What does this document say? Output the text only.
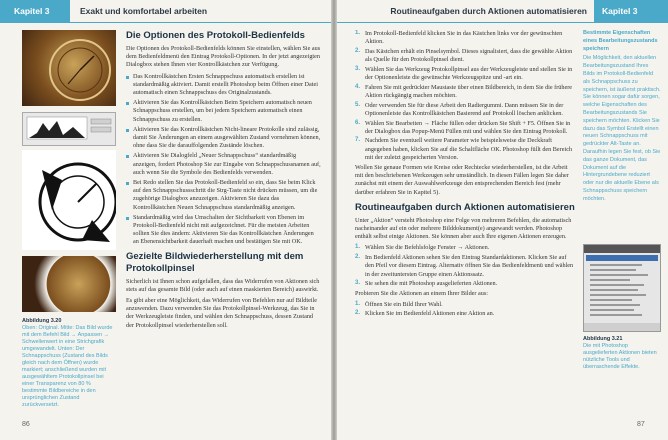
Kapitel 3	Exakt und komfortabel arbeiten
Abbildung 3.20
Oben: Original. Mitte: Das Bild wurde mit dem Befehl Bild → Anpassen → Schwellenwert in eine Strichgrafik umgewandelt. Unten: Der Schnappschuss (Zustand des Bilds gleich nach dem Öffnen) wurde markiert; anschließend wurden mit ausgewähltem Protokollpinsel bei einer Transparenz von 80 % bestimmte Bildbereiche in den ursprünglichen Zustand zurückversetzt.
Die Optionen des Protokoll-Bedienfelds

Die Optionen des Protokoll-Bedienfelds können Sie einstellen, wählen Sie aus dem Bedienfeldmenü den Eintrag Protokoll-Optionen. In der jetzt angezeigten Dialogbox stehen Ihnen vier Kontrollkästchen zur Verfügung.

Das Kontrollkästchen Ersten Schnappschuss automatisch erstellen ist standardmäßig aktiviert. Damit erstellt Photoshop beim Öffnen einer Datei automatisch einen Schnappschuss des Originalzustands.

Aktivieren Sie das Kontrollkästchen Beim Speichern automatisch neuen Schnappschuss erstellen, um bei jedem Speichern automatisch einen Schnappschuss zu erstellen.

Aktivieren Sie das Kontrollkästchen Nicht-lineare Protokolle sind zulässig, damit Sie Änderungen an einem ausgewählten Zustand vornehmen können, ohne dass Sie die darauffolgenden Zustände löschen.

Aktivieren Sie Dialogfeld „Neuer Schnappschuss“ standardmäßig anzeigen, fordert Photoshop Sie zur Eingabe von Schnappschussnamen auf, auch wenn Sie die Symbole des Bedienfelds verwenden.

Bei Redo stellen Sie das Protokoll-Bedienfeld so ein, dass Sie beim Klick auf den Schnappschussschritt die Strg-Taste nicht drücken müssen, um die zugehörige Dialogbox anzuzeigen. Aktivieren Sie dazu das Kontrollkästchen Neuen Schnappschuss standardmäßig anzeigen.

Standardmäßig wird das Umschalten der Sichtbarkeit von Ebenen im Protokoll-Bedienfeld nicht mit aufgezeichnet. Für die meisten Arbeiten sollten Sie dies ändern: Aktivieren Sie das Kontrollkästchen Änderungen an Ebenensichtbarkeit dauerhaft machen und bestätigen Sie mit OK.

Gezielte Bildwiederherstellung mit dem Protokollpinsel

Sicherlich ist Ihnen schon aufgefallen, dass das Widerrufen von Aktionen sich stets auf das gesamte Bild (oder auch auf einen maskierten Bereich) auswirkt.

Es gibt aber eine Möglichkeit, das Widerrufen von Befehlen nur auf Bildteile anzuwenden. Dazu verwenden Sie das Protokollpinsel-Werkzeug, das Sie in der Werkzeugleiste finden, und wählen den Schnappschuss, dessen Zustand der Protokollpinsel wiederherstellen soll.

86
Routineaufgaben durch Aktionen automatisieren	Kapitel 3
1. Im Protokoll-Bedienfeld klicken Sie in das Kästchen links vor der gewünschten Aktion.
2. Das Kästchen erhält ein Pinselsymbol. Dieses signalisiert, dass die gewählte Aktion als Quelle für den Protokollpinsel dient.
3. Wählen Sie das Werkzeug Protokollpinsel aus der Werkzeugleiste und stellen Sie in der Optionenleiste die gewünschte Werkzeugspitze und -art ein.
4. Fahren Sie mit gedrückter Maustaste über einen Bildbereich, in dem Sie die frühere Aktion rückgängig machen möchten.
5. Oder verwenden Sie für diese Arbeit den Radiergummi. Dann müssen Sie in der Optionenleiste das Kontrollkästchen Basierend auf Protokoll löschen anklicken.
6. Wählen Sie Bearbeiten → Fläche füllen oder drücken Sie Shift + F5. Öffnen Sie in der Dialogbox das Popup-Menü Füllen mit und wählen Sie den Eintrag Protokoll.
7. Nachdem Sie eventuell weitere Parameter wie beispielsweise die Deckkraft angegeben haben, klicken Sie auf die Schaltfläche OK. Photoshop füllt den Bereich mit der zuletzt gespeicherten Version.

Wollen Sie genaue Formen wie Kreise oder Rechtecke wiederherstellen, ist die Arbeit mit den beschriebenen Werkzeugen sehr umständlich. In diesen Fällen legen Sie daher zunächst mit einem der Auswahlwerkzeuge den entsprechenden Bereich fest (mehr darüber erfahren Sie in Kapitel 5).

Routineaufgaben durch Aktionen automatisieren

Unter „Aktion“ versteht Photoshop eine Folge von mehreren Befehlen, die automatisch nacheinander auf ein oder mehrere Bilddokument(e) angewandt werden. Photoshop enthält selbst einige Aktionen. Sie können aber auch Ihre eigenen Aktionen erzeugen.

1. Wählen Sie die Befehlsfolge Fenster → Aktionen.
2. Im Bedienfeld Aktionen sehen Sie den Eintrag Standardaktionen. Klicken Sie auf den Pfeil vor diesem Eintrag. Alternativ öffnen Sie das Bedienfeldmenü und wählen in der zweituntersten Gruppe einen Aktionssatz.
3. Sie sehen die mit Photoshop ausgelieferten Aktionen.

Probieren Sie die Aktionen an einem Ihrer Bilder aus:

1. Öffnen Sie ein Bild Ihrer Wahl.
2. Klicken Sie im Bedienfeld Aktionen eine Aktion an.
Bestimmte Eigenschaften eines Bearbeitungszustands speichern
Die Möglichkeit, den aktuellen Bearbeitungszustand Ihres Bilds im Protokoll-Bedienfeld als Schnappschuss zu speichern, ist äußerst praktisch. Sie können sogar dafür sorgen, welche Eigenschaften des Bearbeitungszustands Sie speichern möchten. Klicken Sie dazu das Symbol Erstellt einen neuen Schnappschuss mit gedrückter Alt-Taste an. Daraufhin legen Sie fest, ob Sie das ganze Dokument, das Dokument auf die Hintergrundebene reduziert oder nur die aktuelle Ebene als Schnappschuss speichern möchten.
Abbildung 3.21
Die mit Photoshop ausgelieferten Aktionen bieten nützliche Tools und überraschende Effekte.
87
